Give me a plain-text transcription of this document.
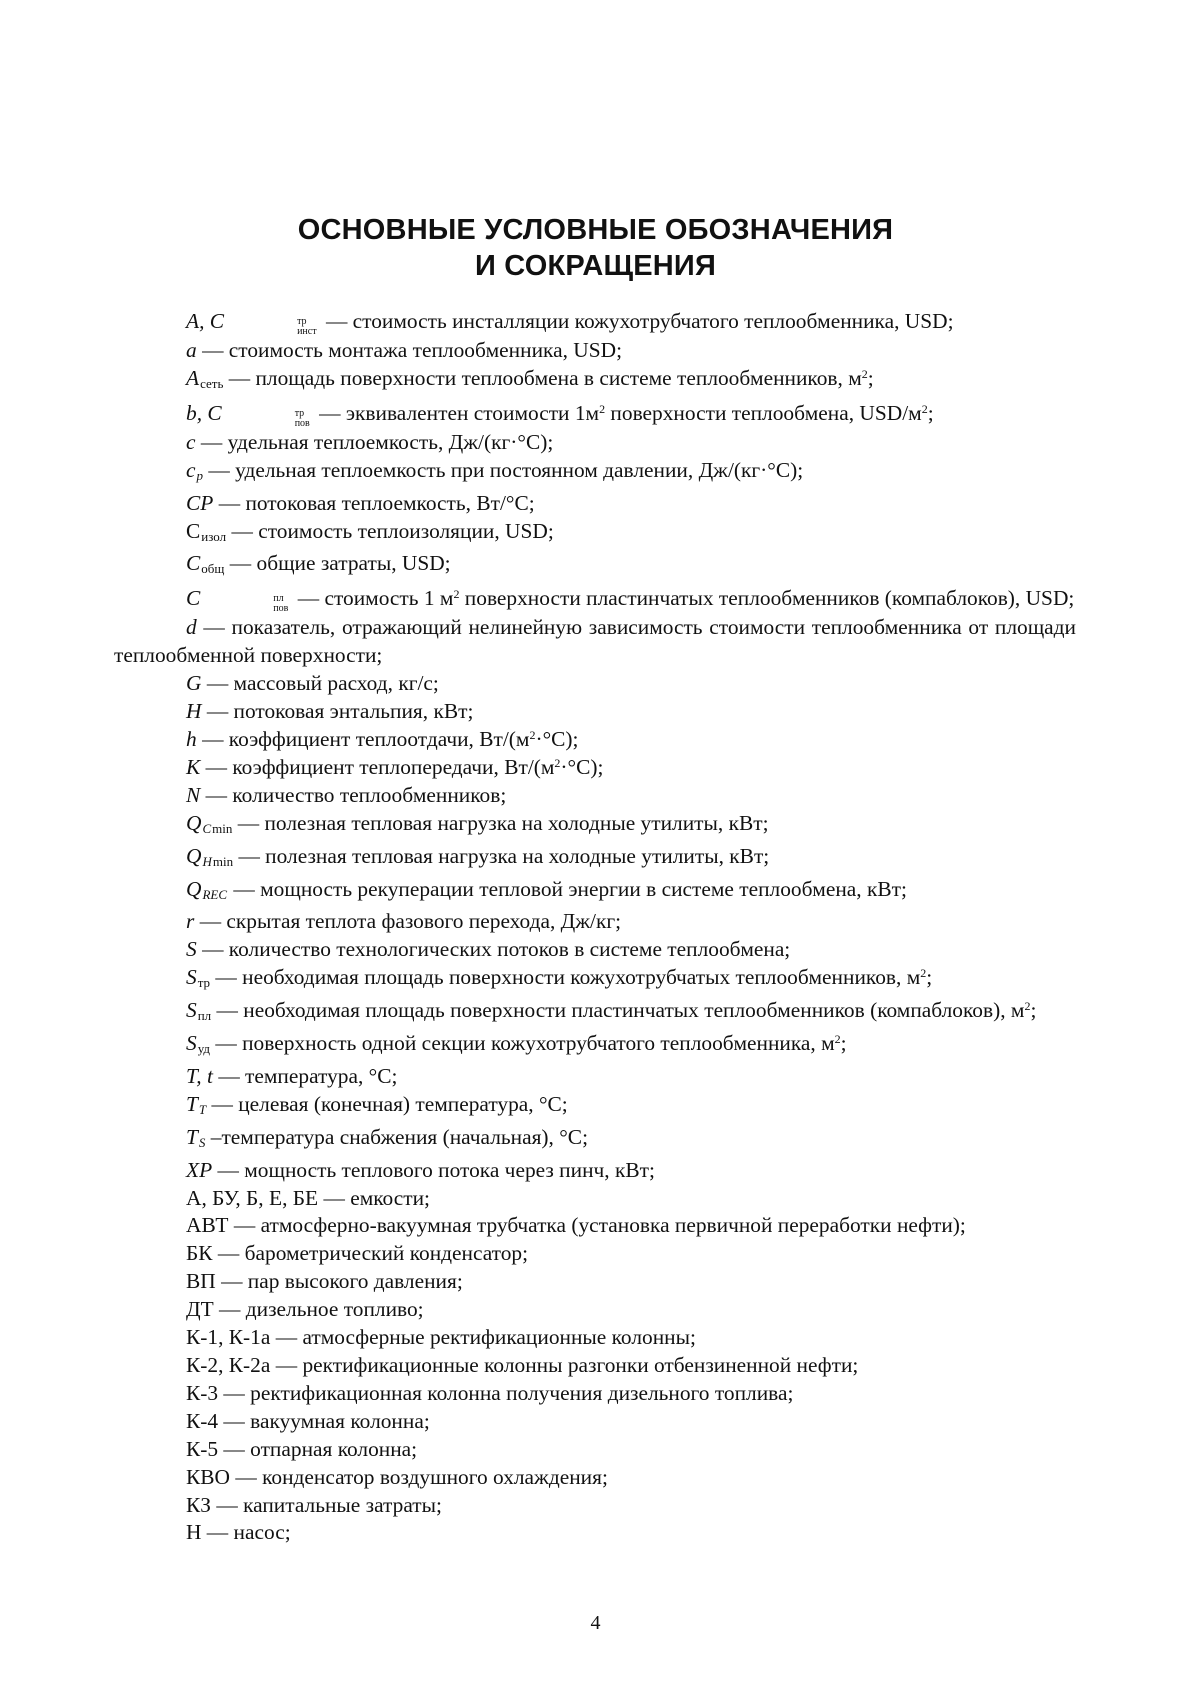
ОСНОВНЫЕ УСЛОВНЫЕ ОБОЗНАЧЕНИЯ
И СОКРАЩЕНИЯ

A, C	тр
инст — стоимость инсталляции кожухотрубчатого теплообменника, USD;

a — стоимость монтажа теплообменника, USD;

$A_{сеть}$ — площадь поверхности теплообмена в системе теплообменников, $м^2$;

b, C	тр
пов — эквивалентен стоимости $1м^2$ поверхности теплообмена, USD/$м^2$;

c — удельная теплоемкость, Дж/(кг·°С);

$c_p$ — удельная теплоемкость при постоянном давлении, Дж/(кг·°С);

CP — потоковая теплоемкость, Вт/°С;

$C_{изол}$ — стоимость теплоизоляции, USD;

$C_{общ}$ — общие затраты, USD;

C	пл
пов — стоимость 1 $м^2$ поверхности пластинчатых теплообменников (компаблоков), USD;

d — показатель, отражающий нелинейную зависимость стоимости теплообменника от площади теплообменной поверхности;

G — массовый расход, кг/с;

H — потоковая энтальпия, кВт;

h — коэффициент теплоотдачи, $Вт/(м^2\cdot^\circ С)$;

K — коэффициент теплопередачи, $Вт/(м^2\cdot^\circ С)$;

N — количество теплообменников;

$Q_{Cmin}$ — полезная тепловая нагрузка на холодные утилиты, кВт;

$Q_{Hmin}$ — полезная тепловая нагрузка на холодные утилиты, кВт;

$Q_{REC}$ — мощность рекуперации тепловой энергии в системе теплообмена, кВт;

r — скрытая теплота фазового перехода, Дж/кг;

S — количество технологических потоков в системе теплообмена;

$S_{тр}$ — необходимая площадь поверхности кожухотрубчатых теплообменников, $м^2$;

$S_{пл}$ — необходимая площадь поверхности пластинчатых теплообменников (компаблоков), $м^2$;

$S_{уд}$ — поверхность одной секции кожухотрубчатого теплообменника, $м^2$;

T, t — температура, °С;

$T_T$ — целевая (конечная) температура, °С;

$T_S$ –температура снабжения (начальная), °С;

XP — мощность теплового потока через пинч, кВт;

А, БУ, Б, Е, БЕ — емкости;

АВТ — атмосферно-вакуумная трубчатка (установка первичной переработки нефти);

БК — барометрический конденсатор;

ВП — пар высокого давления;

ДТ — дизельное топливо;

К-1, К-1а — атмосферные ректификационные колонны;

К-2, К-2а — ректификационные колонны разгонки отбензиненной нефти;

К-3 — ректификационная колонна получения дизельного топлива;

К-4 — вакуумная колонна;

К-5 — отпарная колонна;

КВО — конденсатор воздушного охлаждения;

КЗ — капитальные затраты;

Н — насос;

4
